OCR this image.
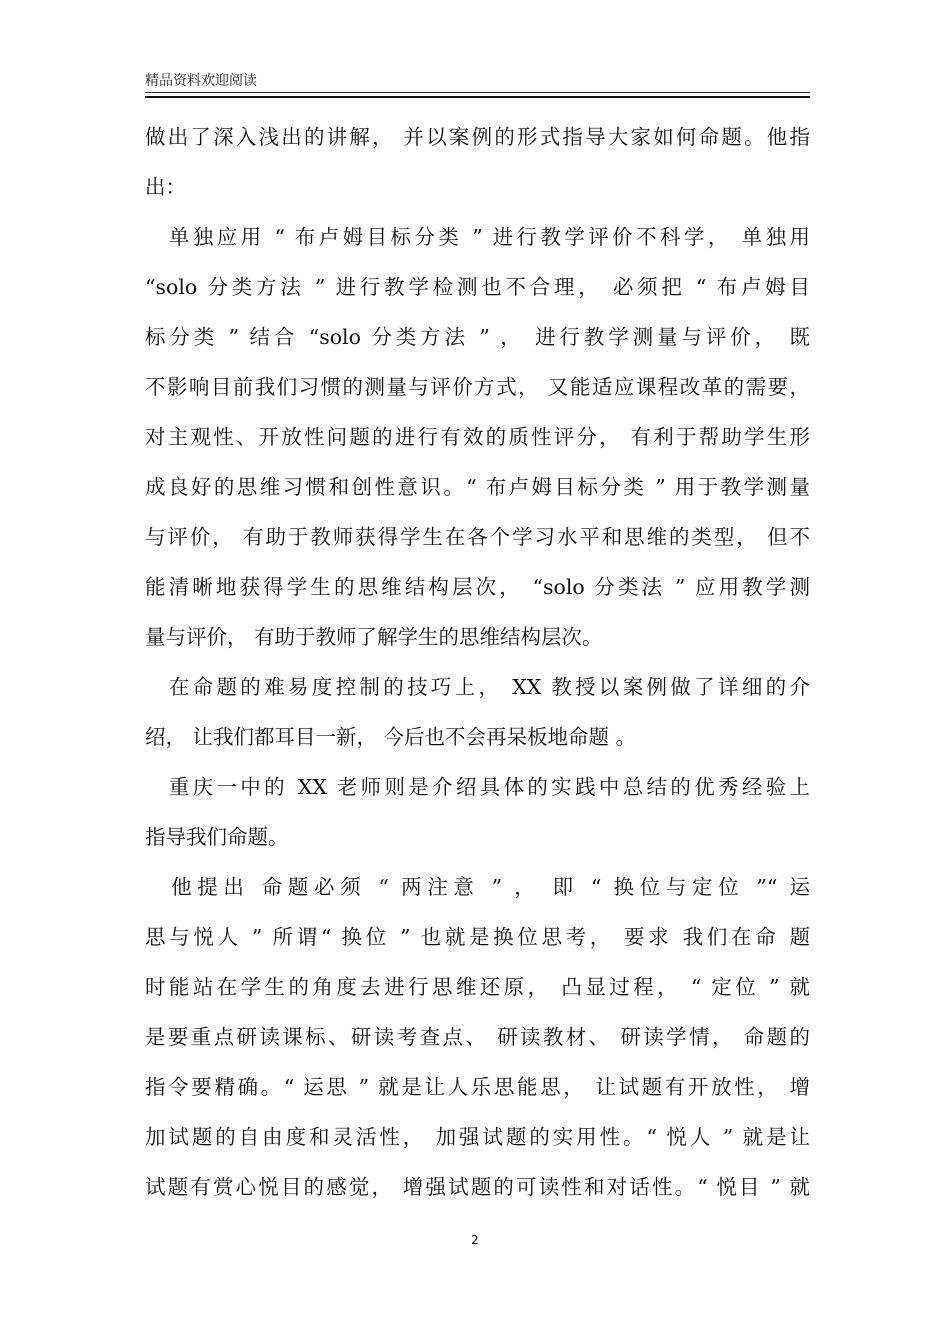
精品资料欢迎阅读
做出了深入浅出的讲解， 并以案例的形式指导大家如何命题。他指
出：
　单独应用 “ 布卢姆目标分类 ” 进行教学评价不科学， 单独用
“solo 分类方法 ” 进行教学检测也不合理， 必须把 “ 布卢姆目
标分类 ” 结合 “solo 分类方法 ” ， 进行教学测量与评价， 既
不影响目前我们习惯的测量与评价方式， 又能适应课程改革的需要，
对主观性、开放性问题的进行有效的质性评分， 有利于帮助学生形
成良好的思维习惯和创性意识。“ 布卢姆目标分类 ” 用于教学测量
与评价， 有助于教师获得学生在各个学习水平和思维的类型， 但不
能清晰地获得学生的思维结构层次， “solo 分类法 ” 应用教学测
量与评价， 有助于教师了解学生的思维结构层次。
　在命题的难易度控制的技巧上， XX 教授以案例做了详细的介
绍， 让我们都耳目一新， 今后也不会再呆板地命题 。
　重庆一中的 XX 老师则是介绍具体的实践中总结的优秀经验上
指导我们命题。
　他提出 命题必须 “ 两注意 ” ， 即 “ 换位与定位 ”“ 运
思与悦人 ” 所谓“ 换位 ” 也就是换位思考， 要求 我们在命 题
时能站在学生的角度去进行思维还原， 凸显过程， “ 定位 ” 就
是要重点研读课标、研读考查点、 研读教材、 研读学情， 命题的
指令要精确。“ 运思 ” 就是让人乐思能思， 让试题有开放性， 增
加试题的自由度和灵活性， 加强试题的实用性。“ 悦人 ” 就是让
试题有赏心悦目的感觉， 增强试题的可读性和对话性。“ 悦目 ” 就
2
